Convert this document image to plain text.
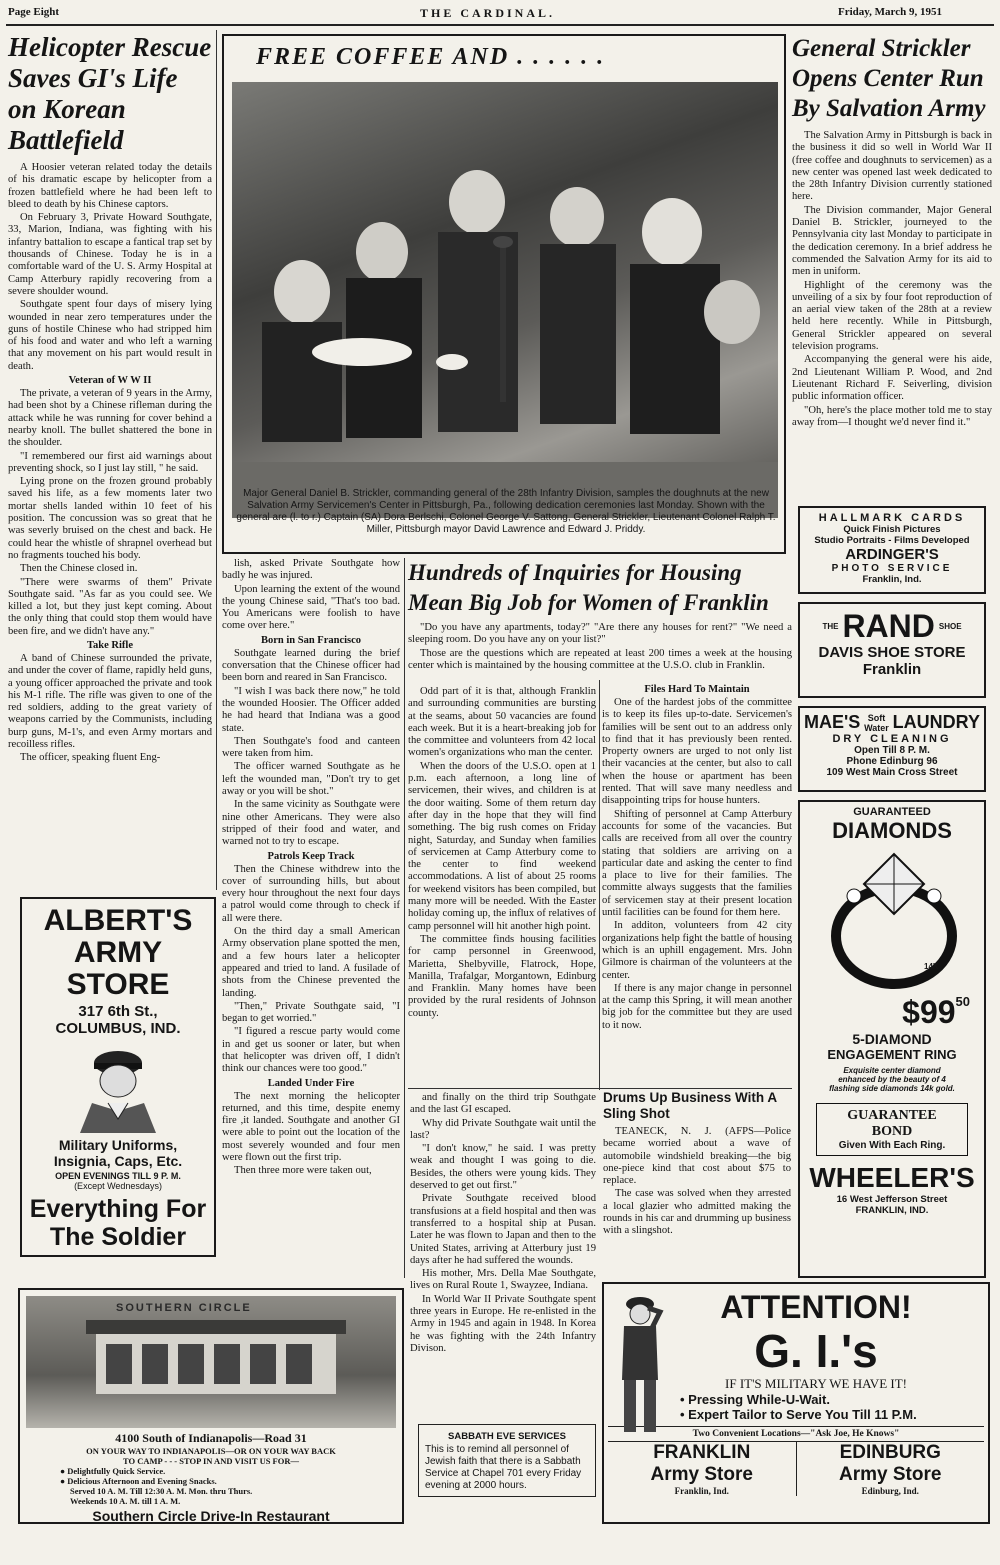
Page Eight	THE CARDINAL.	Friday, March 9, 1951
Helicopter Rescue Saves GI's Life on Korean Battlefield

A Hoosier veteran related today the details of his dramatic escape by helicopter from a frozen battlefield where he had been left to bleed to death by his Chinese captors.

On February 3, Private Howard Southgate, 33, Marion, Indiana, was fighting with his infantry battalion to escape a fantical trap set by thousands of Chinese. Today he is in a comfortable ward of the U. S. Army Hospital at Camp Atterbury rapidly recovering from a severe shoulder wound.

Southgate spent four days of misery lying wounded in near zero temperatures under the guns of hostile Chinese who had stripped him of his food and water and who left a warning that any movement on his part would result in death.

Veteran of W W II

The private, a veteran of 9 years in the Army, had been shot by a Chinese rifleman during the attack while he was running for cover behind a nearby knoll. The bullet shattered the bone in the shoulder.

"I remembered our first aid warnings about preventing shock, so I just lay still, " he said.

Lying prone on the frozen ground probably saved his life, as a few moments later two mortar shells landed within 10 feet of his position. The concussion was so great that he was severly bruised on the chest and back. He could hear the whistle of shrapnel overhead but no fragments touched his body.

Then the Chinese closed in.

"There were swarms of them" Private Southgate said. "As far as you could see. We killed a lot, but they just kept coming. About the only thing that could stop them would have been fire, and we didn't have any."

Take Rifle

A band of Chinese surrounded the private, and under the cover of flame, rapidly held guns, a young officer approached the private and took his M-1 rifle. The rifle was given to one of the red soldiers, adding to the great variety of weapons carried by the Communists, including burp guns, M-1's, and even Army mortars and recoilless rifles.

The officer, speaking fluent Eng-

ALBERT'S
ARMY STORE
317 6th St.,
COLUMBUS, IND.
Military Uniforms,
Insignia, Caps, Etc.
OPEN EVENINGS TILL 9 P. M.
(Except Wednesdays)
Everything For
The Soldier
FREE COFFEE AND . . . . . .
Major General Daniel B. Strickler, commanding general of the 28th Infantry Division, samples the doughnuts at the new Salvation Army Servicemen's Center in Pittsburgh, Pa., following dedication ceremonies last Monday. Shown with the general are (l. to r.) Captain (SA) Dora Berlschi, Colonel George V. Sattong, General Strickler, Lieutenant Colonel Ralph T. Miller, Pittsburgh mayor David Lawrence and Edward J. Priddy.
General Strickler Opens Center Run By Salvation Army

The Salvation Army in Pittsburgh is back in the business it did so well in World War II (free coffee and doughnuts to servicemen) as a new center was opened last week dedicated to the 28th Infantry Division currently stationed here.

The Division commander, Major General Daniel B. Strickler, journeyed to the Pennsylvania city last Monday to participate in the dedication ceremony. In a brief address he commended the Salvation Army for its aid to men in uniform.

Highlight of the ceremony was the unveiling of a six by four foot reproduction of an aerial view taken of the 28th at a review held here recently. While in Pittsburgh, General Strickler appeared on several television programs.

Accompanying the general were his aide, 2nd Lieutenant William P. Wood, and 2nd Lieutenant Richard F. Seiverling, division public information officer.

"Oh, here's the place mother told me to stay away from—I thought we'd never find it."

HALLMARK CARDS
Quick Finish Pictures
Studio Portraits - Films Developed
ARDINGER'S
PHOTO SERVICE
Franklin, Ind.
THE RAND SHOE
DAVIS SHOE STORE
Franklin
MAE'S Soft Water LAUNDRY
DRY CLEANING
Open Till 8 P. M.
Phone Edinburg 96
109 West Main Cross Street
GUARANTEED
DIAMONDS
14K
$\$99^{50}$
5-DIAMOND
ENGAGEMENT RING
Exquisite center diamond enhanced by the beauty of 4 flashing side diamonds 14k gold.
GUARANTEE
BOND
Given With Each Ring.
WHEELER'S
16 West Jefferson Street
FRANKLIN, IND.

lish, asked Private Southgate how badly he was injured.

Upon learning the extent of the wound the young Chinese said, "That's too bad. You Americans were foolish to have come over here."

Born in San Francisco

Southgate learned during the brief conversation that the Chinese officer had been born and reared in San Francisco.

"I wish I was back there now," he told the wounded Hoosier. The Officer added he had heard that Indiana was a good state.

Then Southgate's food and canteen were taken from him.

The officer warned Southgate as he left the wounded man, "Don't try to get away or you will be shot."

In the same vicinity as Southgate were nine other Americans. They were also stripped of their food and water, and warned not to try to escape.

Patrols Keep Track

Then the Chinese withdrew into the cover of surrounding hills, but about every hour throughout the next four days a patrol would come through to check if all were there.

On the third day a small American Army observation plane spotted the men, and a few hours later a helicopter appeared and tried to land. A fusilade of shots from the Chinese prevented the landing.

"Then," Private Southgate said, "I began to get worried."

"I figured a rescue party would come in and get us sooner or later, but when that helicopter was driven off, I didn't think our chances were too good."

Landed Under Fire

The next morning the helicopter returned, and this time, despite enemy fire ,it landed. Southgate and another GI were able to point out the location of the most severely wounded and four men were flown out the first trip.

Then three more were taken out,

Hundreds of Inquiries for Housing Mean Big Job for Women of Franklin

"Do you have any apartments, today?" "Are there any houses for rent?" "We need a sleeping room. Do you have any on your list?"

Those are the questions which are repeated at least 200 times a week at the housing center which is maintained by the housing committee at the U.S.O. club in Franklin.

Odd part of it is that, although Franklin and surrounding communities are bursting at the seams, about 50 vacancies are found each week. But it is a heart-breaking job for the committee and volunteers from 42 local women's organizations who man the center.

When the doors of the U.S.O. open at 1 p.m. each afternoon, a long line of servicemen, their wives, and children is at the door waiting. Some of them return day after day in the hope that they will find something. The big rush comes on Friday night, Saturday, and Sunday when families of servicemen at Camp Atterbury come to the center to find weekend accommodations. A list of about 25 rooms for weekend visitors has been compiled, but many more will be needed. With the Easter holiday coming up, the influx of relatives of camp personnel will hit another high point.

The committee finds housing facilities for camp personnel in Greenwood, Marietta, Shelbyville, Flatrock, Hope, Manilla, Trafalgar, Morgantown, Edinburg and Franklin. Many homes have been provided by the rural residents of Johnson county.

Files Hard To Maintain

One of the hardest jobs of the committee is to keep its files up-to-date. Servicemen's families will be sent out to an address only to find that it has previously been rented. Property owners are urged to not only list their vacancies at the center, but also to call when the house or apartment has been rented. That will save many needless and disappointing trips for house hunters.

Shifting of personnel at Camp Atterbury accounts for some of the vacancies. But calls are received from all over the country stating that soldiers are arriving on a particular date and asking the center to find a place to live for their families. The committe always suggests that the families of servicemen stay at their present location until facilities can be found for them here.

In additon, volunteers from 42 city organizations help fight the battle of housing which is an uphill engagement. Mrs. John Gilmore is chairman of the volunteers at the center.

If there is any major change in personnel at the camp this Spring, it will mean another big job for the committee but they are used to it now.

and finally on the third trip Southgate and the last GI escaped.

Why did Private Southgate wait until the last?

"I don't know," he said. I was pretty weak and thought I was going to die. Besides, the others were young kids. They deserved to get out first."

Private Southgate received blood transfusions at a field hospital and then was transferred to a hospital ship at Pusan. Later he was flown to Japan and then to the United States, arriving at Atterbury just 19 days after he had suffered the wounds.

His mother, Mrs. Della Mae Southgate, lives on Rural Route 1, Swayzee, Indiana.

In World War II Private Southgate spent three years in Europe. He re-enlisted in the Army in 1945 and again in 1948. In Korea he was fighting with the 24th Infantry Divison.

Drums Up Business With A Sling Shot

TEANECK, N. J. (AFPS—Police became worried about a wave of automobile windshield breaking—the big one-piece kind that cost about $75 to replace.

The case was solved when they arrested a local glazier who admitted making the rounds in his car and drumming up business with a slingshot.

SABBATH EVE SERVICES
This is to remind all personnel of Jewish faith that there is a Sabbath Service at Chapel 701 every Friday evening at 2000 hours.
SOUTHERN CIRCLE
4100 South of Indianapolis—Road 31
ON YOUR WAY TO INDIANAPOLIS—OR ON YOUR WAY BACK
TO CAMP - - - STOP IN AND VISIT US FOR—
● Delightfully Quick Service.
● Delicious Afternoon and Evening Snacks.
Served 10 A. M. Till 12:30 A. M. Mon. thru Thurs.
Weekends 10 A. M. till 1 A. M.
Southern Circle Drive-In Restaurant
ATTENTION!
G. I.'s
IF IT'S MILITARY WE HAVE IT!
• Pressing While-U-Wait.
• Expert Tailor to Serve You Till 11 P.M.
Two Convenient Locations—"Ask Joe, He Knows"
FRANKLIN
Army Store
Franklin, Ind.
EDINBURG
Army Store
Edinburg, Ind.
